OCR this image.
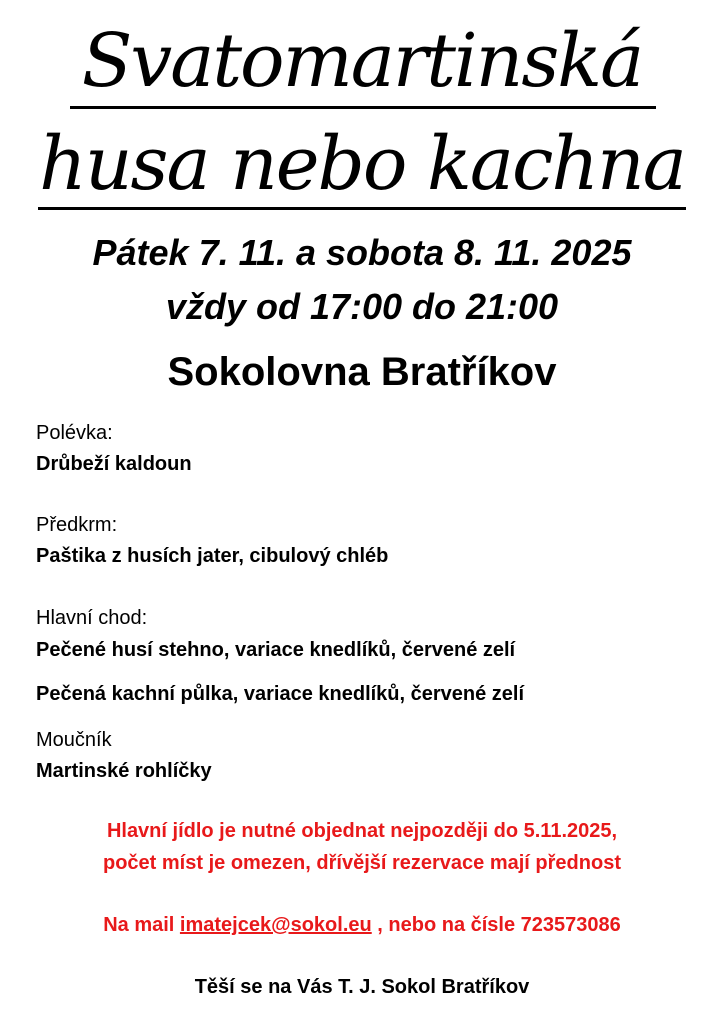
Svatomartinská
husa nebo kachna
Pátek 7. 11. a sobota 8. 11. 2025
vždy od 17:00 do 21:00
Sokolovna Bratříkov
Polévka:
Drůbeží kaldoun
Předkrm:
Paštika z husích jater, cibulový chléb
Hlavní chod:
Pečené husí stehno, variace knedlíků, červené zelí
Pečená kachní půlka, variace knedlíků, červené zelí
Moučník
Martinské rohlíčky
Hlavní jídlo je nutné objednat nejpozději do 5.11.2025,
počet míst je omezen, dřívější rezervace mají přednost
Na mail imatejcek@sokol.eu , nebo na čísle 723573086
Těší se na Vás T. J. Sokol Bratříkov
